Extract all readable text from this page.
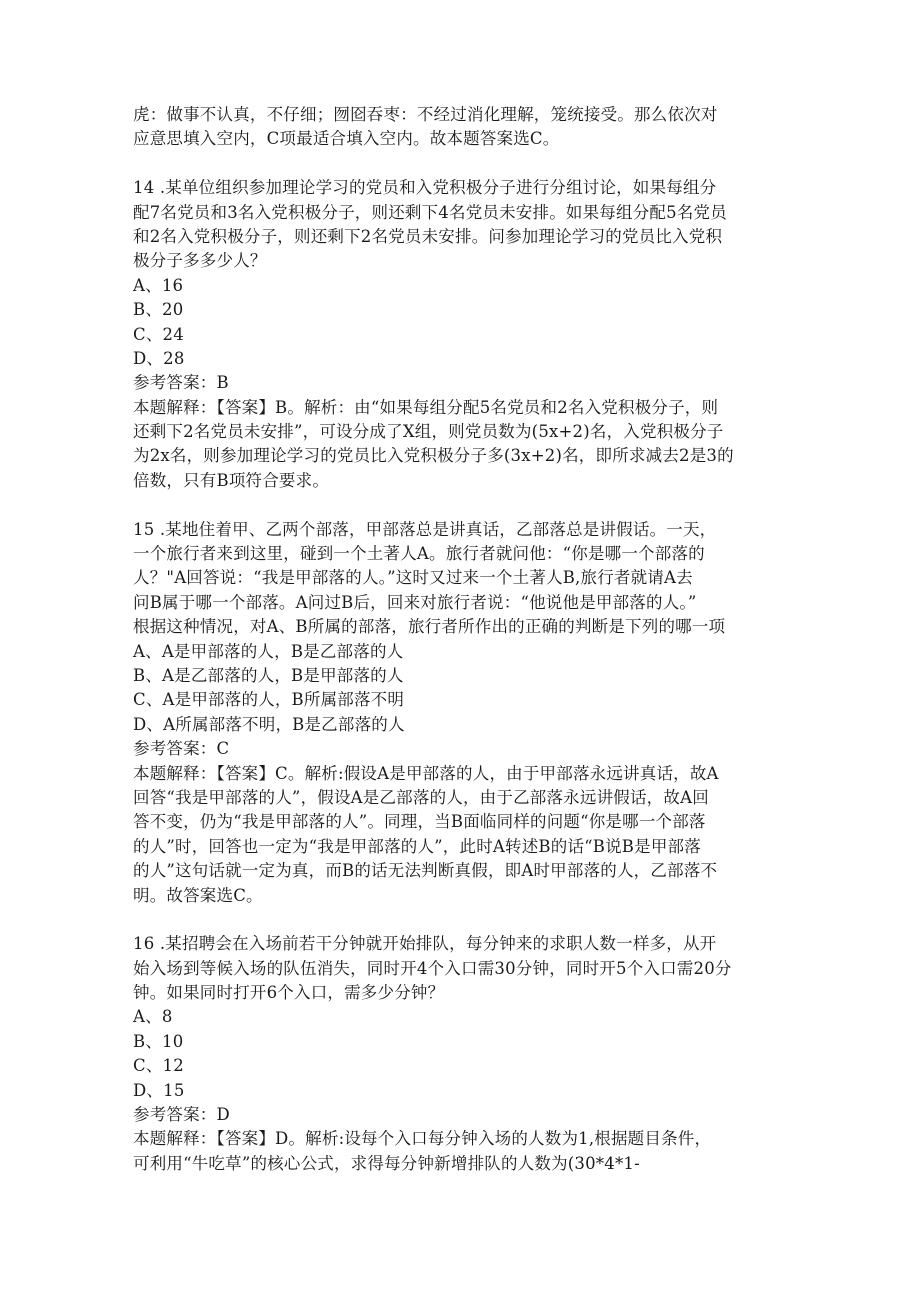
虎：做事不认真，不仔细；囫囵吞枣：不经过消化理解，笼统接受。那么依次对
应意思填入空内，C项最适合填入空内。故本题答案选C。
14 .某单位组织参加理论学习的党员和入党积极分子进行分组讨论，如果每组分
配7名党员和3名入党积极分子，则还剩下4名党员未安排。如果每组分配5名党员
和2名入党积极分子，则还剩下2名党员未安排。问参加理论学习的党员比入党积
极分子多多少人？
A、16
B、20
C、24
D、28
参考答案：B
本题解释：【答案】B。解析：由“如果每组分配5名党员和2名入党积极分子，则
还剩下2名党员未安排”，可设分成了X组，则党员数为(5x+2)名，入党积极分子
为2x名，则参加理论学习的党员比入党积极分子多(3x+2)名，即所求减去2是3的
倍数，只有B项符合要求。
15 .某地住着甲、乙两个部落，甲部落总是讲真话，乙部落总是讲假话。一天，
一个旅行者来到这里，碰到一个土著人A。旅行者就问他：“你是哪一个部落的
人？"A回答说：“我是甲部落的人。”这时又过来一个土著人B,旅行者就请A去
问B属于哪一个部落。A问过B后，回来对旅行者说：“他说他是甲部落的人。”
根据这种情况，对A、B所属的部落，旅行者所作出的正确的判断是下列的哪一项
A、A是甲部落的人，B是乙部落的人
B、A是乙部落的人，B是甲部落的人
C、A是甲部落的人，B所属部落不明
D、A所属部落不明，B是乙部落的人
参考答案：C
本题解释：【答案】C。解析:假设A是甲部落的人，由于甲部落永远讲真话，故A
回答“我是甲部落的人”，假设A是乙部落的人，由于乙部落永远讲假话，故A回
答不变，仍为“我是甲部落的人”。同理，当B面临同样的问题“你是哪一个部落
的人”时，回答也一定为“我是甲部落的人”，此时A转述B的话“B说B是甲部落
的人”这句话就一定为真，而B的话无法判断真假，即A时甲部落的人，乙部落不
明。故答案选C。
16 .某招聘会在入场前若干分钟就开始排队，每分钟来的求职人数一样多，从开
始入场到等候入场的队伍消失，同时开4个入口需30分钟，同时开5个入口需20分
钟。如果同时打开6个入口，需多少分钟？
A、8
B、10
C、12
D、15
参考答案：D
本题解释：【答案】D。解析:设每个入口每分钟入场的人数为1,根据题目条件，
可利用“牛吃草”的核心公式，求得每分钟新增排队的人数为(30*4*1-
